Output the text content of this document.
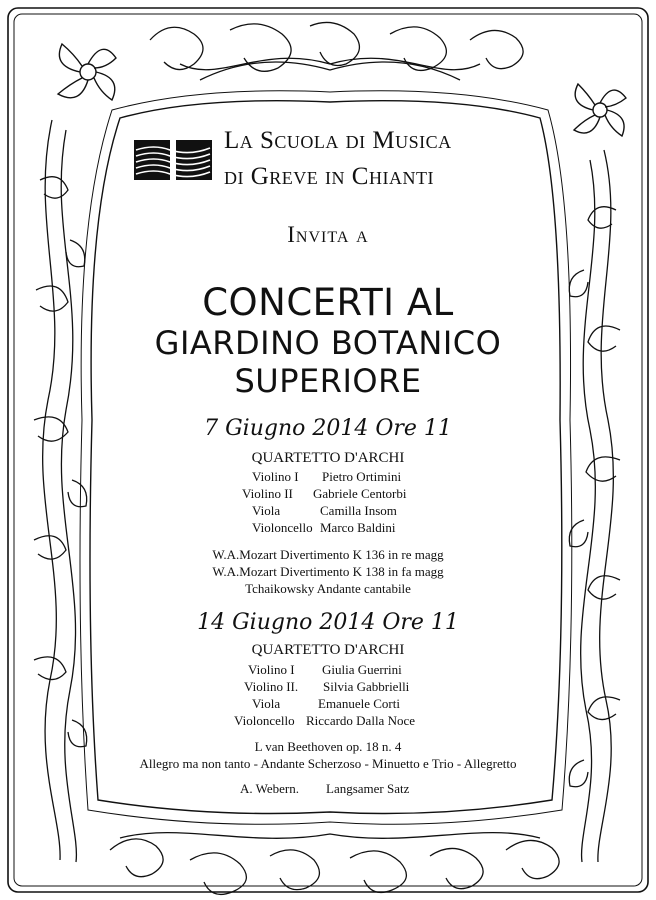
La Scuola di Musica
di Greve in Chianti
Invita a
CONCERTI AL
GIARDINO BOTANICO
SUPERIORE
7 Giugno 2014 Ore 11
QUARTETTO D'ARCHI
Violino I Pietro Ortimini
Violino II Gabriele Centorbi
Viola	Camilla Insom
Violoncello Marco Baldini
W.A.Mozart Divertimento K 136 in re magg
W.A.Mozart Divertimento K 138 in fa magg
Tchaikowsky Andante cantabile
14 Giugno 2014 Ore 11
QUARTETTO D'ARCHI
Violino I Giulia Guerrini
Violino II. Silvia Gabbrielli
Viola	Emanuele Corti
Violoncello Riccardo Dalla Noce
L van Beethoven op. 18 n. 4
Allegro ma non tanto - Andante Scherzoso - Minuetto e Trio - Allegretto
A. Webern. Langsamer Satz
